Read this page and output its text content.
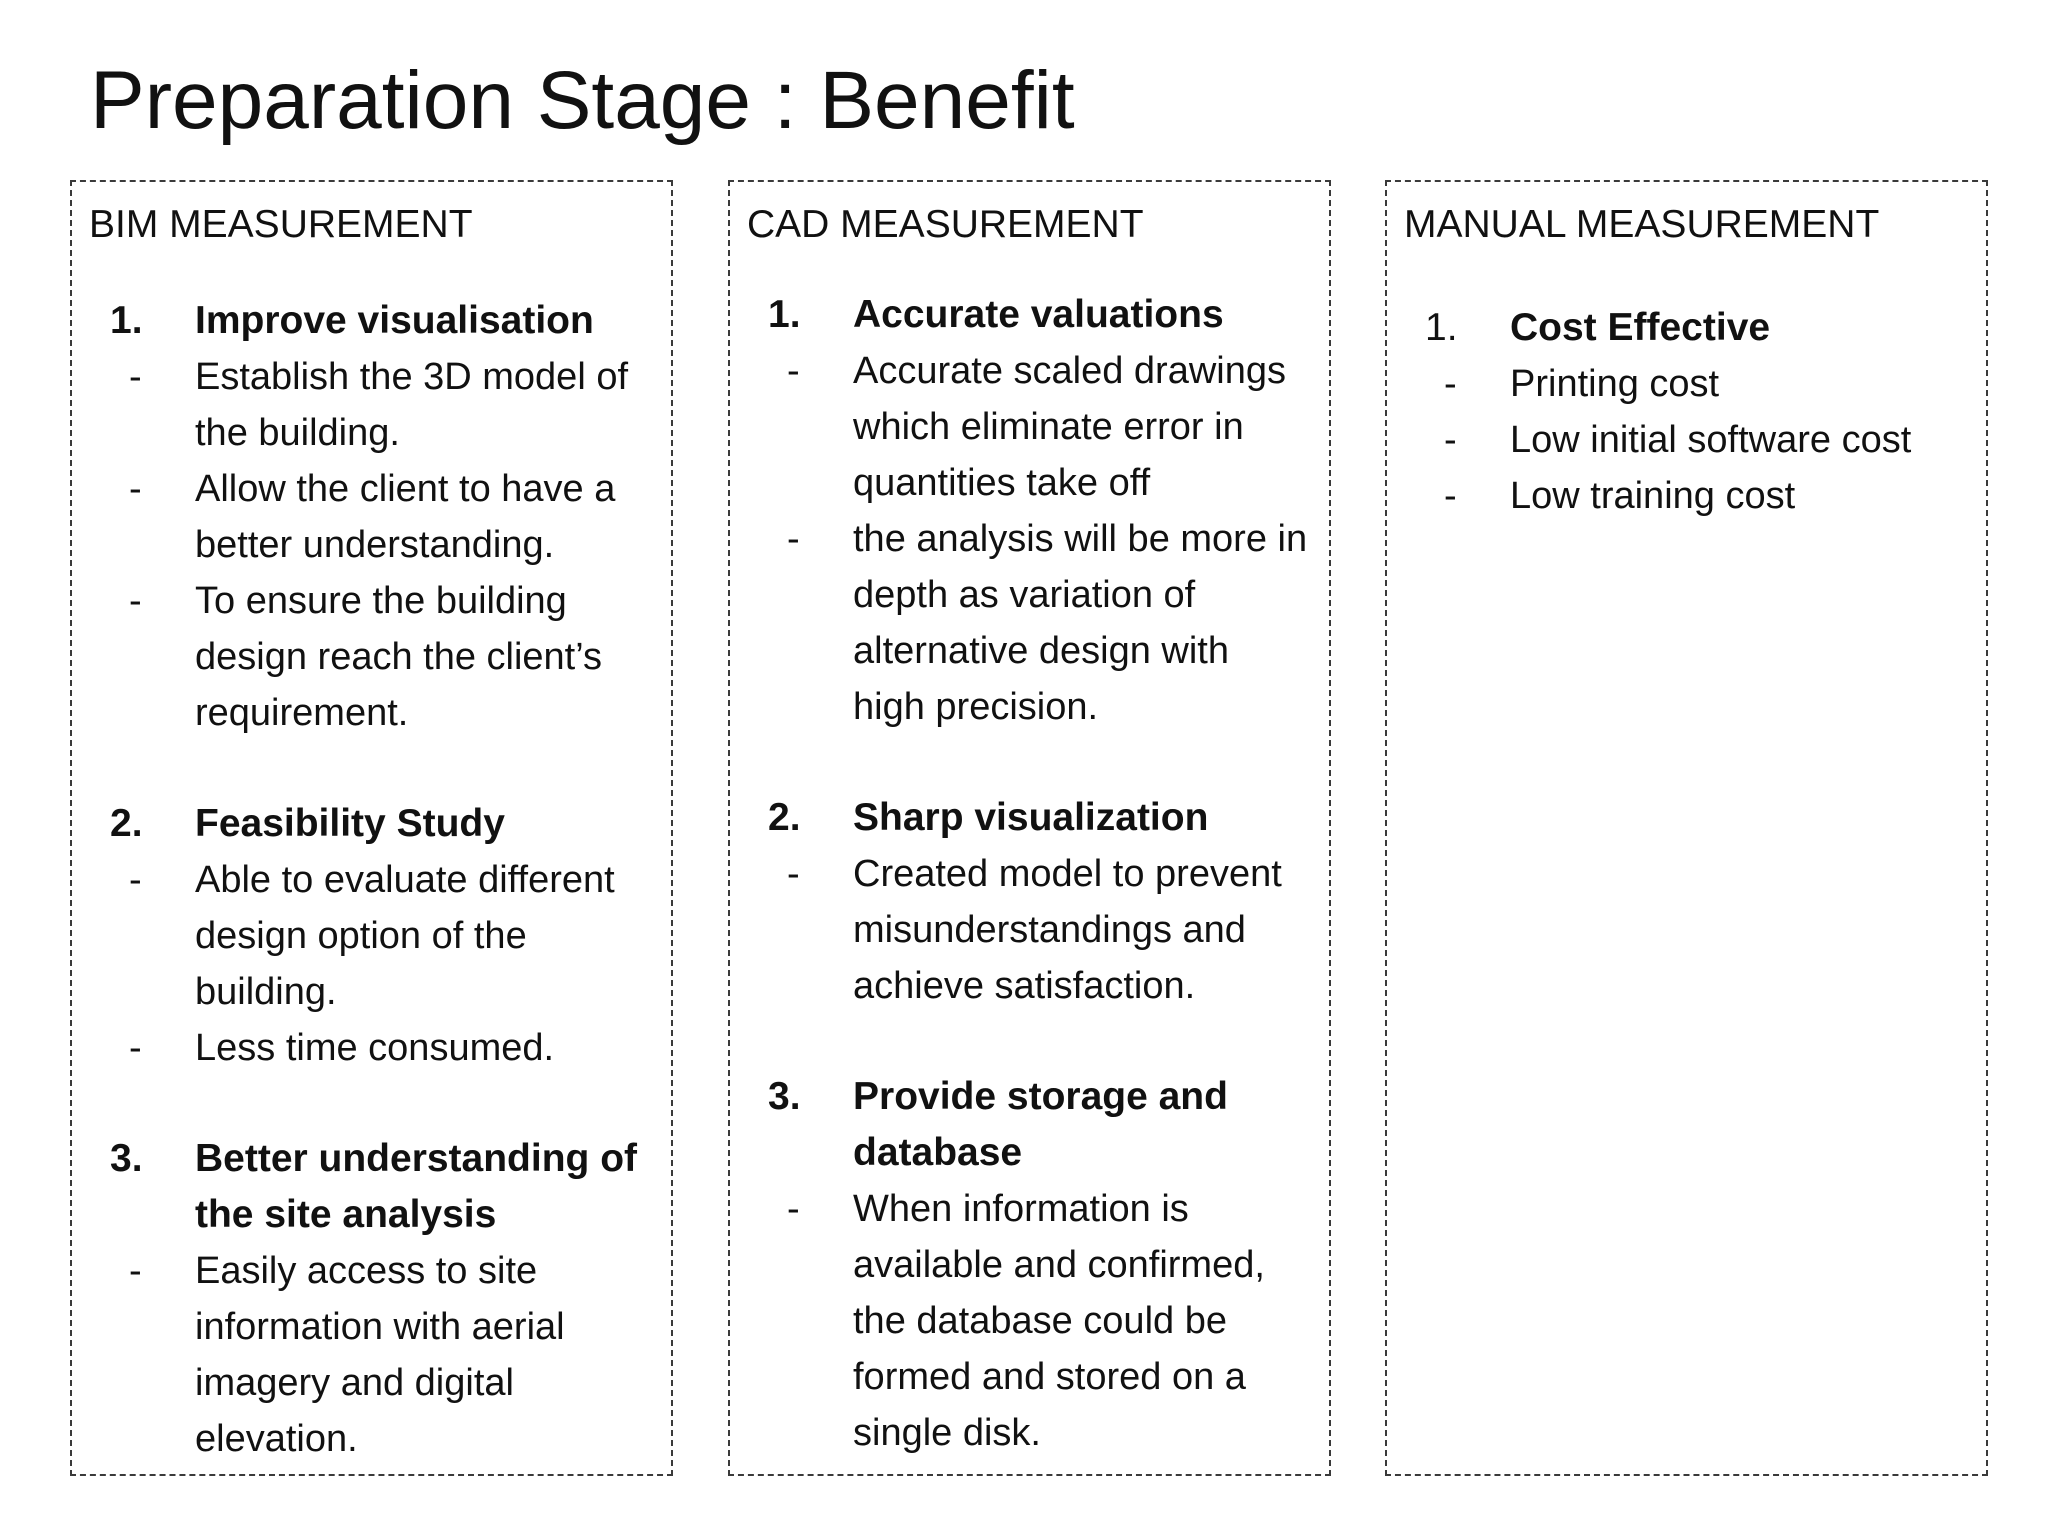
Preparation Stage : Benefit
BIM MEASUREMENT
1.	Improve visualisation
-	Establish the 3D model of the building.
-	Allow the client to have a better understanding.
-	To ensure the building design reach the client’s requirement.
2.	Feasibility Study
-	Able to evaluate different design option of the building.
-	Less time consumed.
3.	Better understanding of the site analysis
-	Easily access to site information with aerial imagery and digital elevation.
CAD MEASUREMENT
1.	Accurate valuations
-	Accurate scaled drawings which eliminate error in quantities take off
-	the analysis will be more in depth as variation of alternative design with high precision.
2.	Sharp visualization
-	Created model to prevent misunderstandings and achieve satisfaction.
3.	Provide storage and database
-	When information is available and confirmed, the database could be formed and stored on a single disk.
MANUAL MEASUREMENT
1.	Cost Effective
-	Printing cost
-	Low initial software cost
-	Low training cost
